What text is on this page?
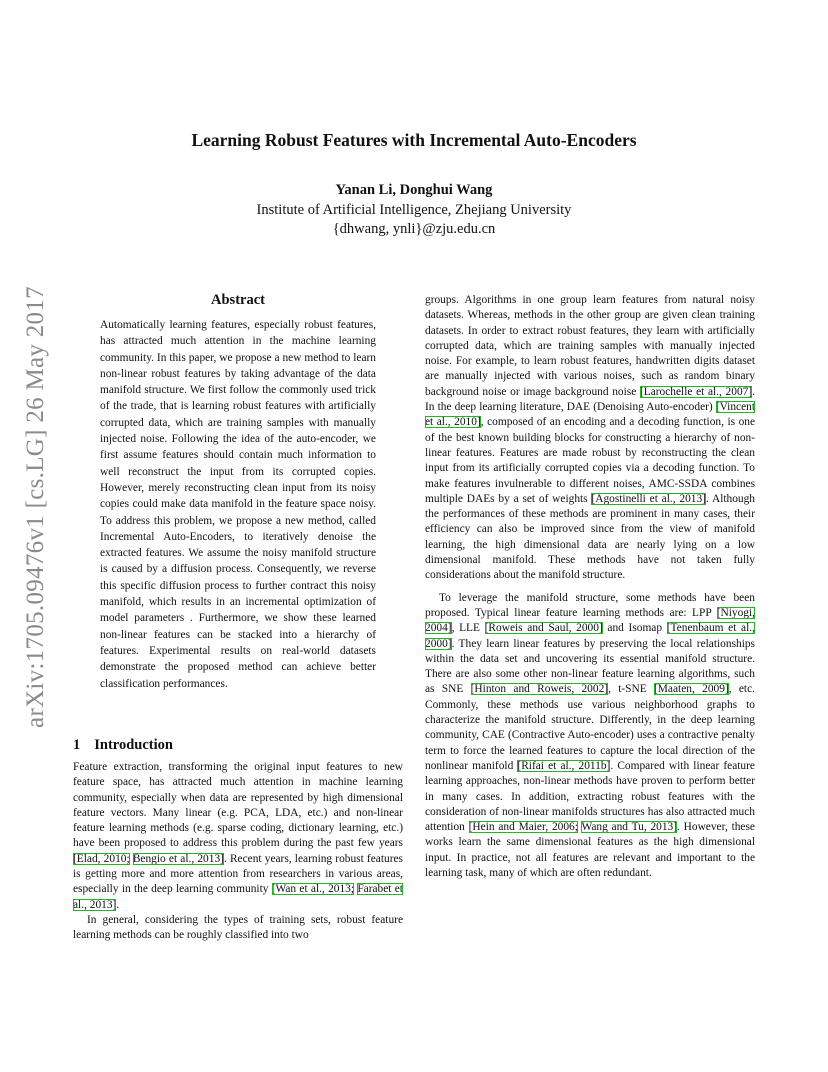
arXiv:1705.09476v1 [cs.LG] 26 May 2017
Learning Robust Features with Incremental Auto-Encoders
Yanan Li, Donghui Wang
Institute of Artificial Intelligence, Zhejiang University
{dhwang, ynli}@zju.edu.cn
Abstract

Automatically learning features, especially robust features, has attracted much attention in the machine learning community. In this paper, we propose a new method to learn non-linear robust features by taking advantage of the data manifold structure. We first follow the commonly used trick of the trade, that is learning robust features with artificially corrupted data, which are training samples with manually injected noise. Following the idea of the auto-encoder, we first assume features should contain much information to well reconstruct the input from its corrupted copies. However, merely reconstructing clean input from its noisy copies could make data manifold in the feature space noisy. To address this problem, we propose a new method, called Incremental Auto-Encoders, to iteratively denoise the extracted features. We assume the noisy manifold structure is caused by a diffusion process. Consequently, we reverse this specific diffusion process to further contract this noisy manifold, which results in an incremental optimization of model parameters . Furthermore, we show these learned non-linear features can be stacked into a hierarchy of features. Experimental results on real-world datasets demonstrate the proposed method can achieve better classification performances.

1 Introduction

Feature extraction, transforming the original input features to new feature space, has attracted much attention in machine learning community, especially when data are represented by high dimensional feature vectors. Many linear (e.g. PCA, LDA, etc.) and non-linear feature learning methods (e.g. sparse coding, dictionary learning, etc.) have been proposed to address this problem during the past few years [Elad, 2010; Bengio et al., 2013]. Recent years, learning robust features is getting more and more attention from researchers in various areas, especially in the deep learning community [Wan et al., 2013; Farabet et al., 2013].

In general, considering the types of training sets, robust feature learning methods can be roughly classified into two

groups. Algorithms in one group learn features from natural noisy datasets. Whereas, methods in the other group are given clean training datasets. In order to extract robust features, they learn with artificially corrupted data, which are training samples with manually injected noise. For example, to learn robust features, handwritten digits dataset are manually injected with various noises, such as random binary background noise or image background noise [Larochelle et al., 2007]. In the deep learning literature, DAE (Denoising Auto-encoder) [Vincent et al., 2010], composed of an encoding and a decoding function, is one of the best known building blocks for constructing a hierarchy of non-linear features. Features are made robust by reconstructing the clean input from its artificially corrupted copies via a decoding function. To make features invulnerable to different noises, AMC-SSDA combines multiple DAEs by a set of weights [Agostinelli et al., 2013]. Although the performances of these methods are prominent in many cases, their efficiency can also be improved since from the view of manifold learning, the high dimensional data are nearly lying on a low dimensional manifold. These methods have not taken fully considerations about the manifold structure.

To leverage the manifold structure, some methods have been proposed. Typical linear feature learning methods are: LPP [Niyogi, 2004], LLE [Roweis and Saul, 2000] and Isomap [Tenenbaum et al., 2000]. They learn linear features by preserving the local relationships within the data set and uncovering its essential manifold structure. There are also some other non-linear feature learning algorithms, such as SNE [Hinton and Roweis, 2002], t-SNE [Maaten, 2009], etc. Commonly, these methods use various neighborhood graphs to characterize the manifold structure. Differently, in the deep learning community, CAE (Contractive Auto-encoder) uses a contractive penalty term to force the learned features to capture the local direction of the nonlinear manifold [Rifai et al., 2011b]. Compared with linear feature learning approaches, non-linear methods have proven to perform better in many cases. In addition, extracting robust features with the consideration of non-linear manifolds structures has also attracted much attention [Hein and Maier, 2006; Wang and Tu, 2013]. However, these works learn the same dimensional features as the high dimensional input. In practice, not all features are relevant and important to the learning task, many of which are often redundant.
